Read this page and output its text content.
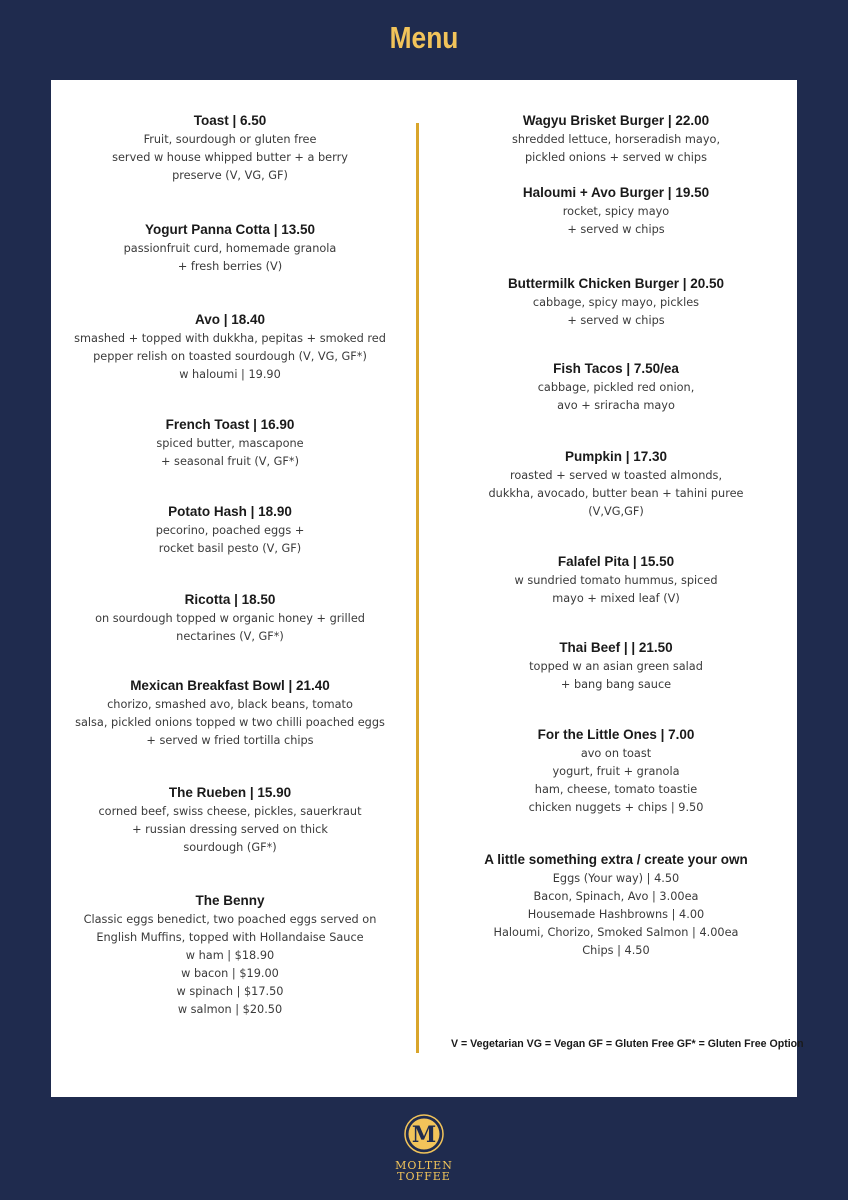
Menu
Toast | 6.50
Fruit, sourdough or gluten free
served w house whipped butter + a berry
preserve (V, VG, GF)
Yogurt Panna Cotta | 13.50
passionfruit curd, homemade granola
+ fresh berries (V)
Avo | 18.40
smashed + topped with dukkha, pepitas + smoked red
pepper relish on toasted sourdough (V, VG, GF*)
w haloumi | 19.90
French Toast | 16.90
spiced butter, mascapone
+ seasonal fruit (V, GF*)
Potato Hash | 18.90
pecorino, poached eggs +
rocket basil pesto (V, GF)
Ricotta | 18.50
on sourdough topped w organic honey + grilled
nectarines (V, GF*)
Mexican Breakfast Bowl | 21.40
chorizo, smashed avo, black beans, tomato
salsa, pickled onions topped w two chilli poached eggs
+ served w fried tortilla chips
The Rueben | 15.90
corned beef, swiss cheese, pickles, sauerkraut
+ russian dressing served on thick
sourdough (GF*)
The Benny
Classic eggs benedict, two poached eggs served on
English Muffins, topped with Hollandaise Sauce
w ham | $18.90
w bacon | $19.00
w spinach | $17.50
w salmon | $20.50
Wagyu Brisket Burger | 22.00
shredded lettuce, horseradish mayo,
pickled onions + served w chips
Haloumi + Avo Burger | 19.50
rocket, spicy mayo
+ served w chips
Buttermilk Chicken Burger | 20.50
cabbage, spicy mayo, pickles
+ served w chips
Fish Tacos | 7.50/ea
cabbage, pickled red onion,
avo + sriracha mayo
Pumpkin | 17.30
roasted + served w toasted almonds,
dukkha, avocado, butter bean + tahini puree
(V,VG,GF)
Falafel Pita | 15.50
w sundried tomato hummus, spiced
mayo + mixed leaf (V)
Thai Beef | | 21.50
topped w an asian green salad
+ bang bang sauce
For the Little Ones | 7.00
avo on toast
yogurt, fruit + granola
ham, cheese, tomato toastie
chicken nuggets + chips | 9.50
A little something extra / create your own
Eggs (Your way) | 4.50
Bacon, Spinach, Avo | 3.00ea
Housemade Hashbrowns | 4.00
Haloumi, Chorizo, Smoked Salmon | 4.00ea
Chips | 4.50
V = Vegetarian VG = Vegan GF = Gluten Free GF* = Gluten Free Option
M
MOLTEN
TOFFEE
